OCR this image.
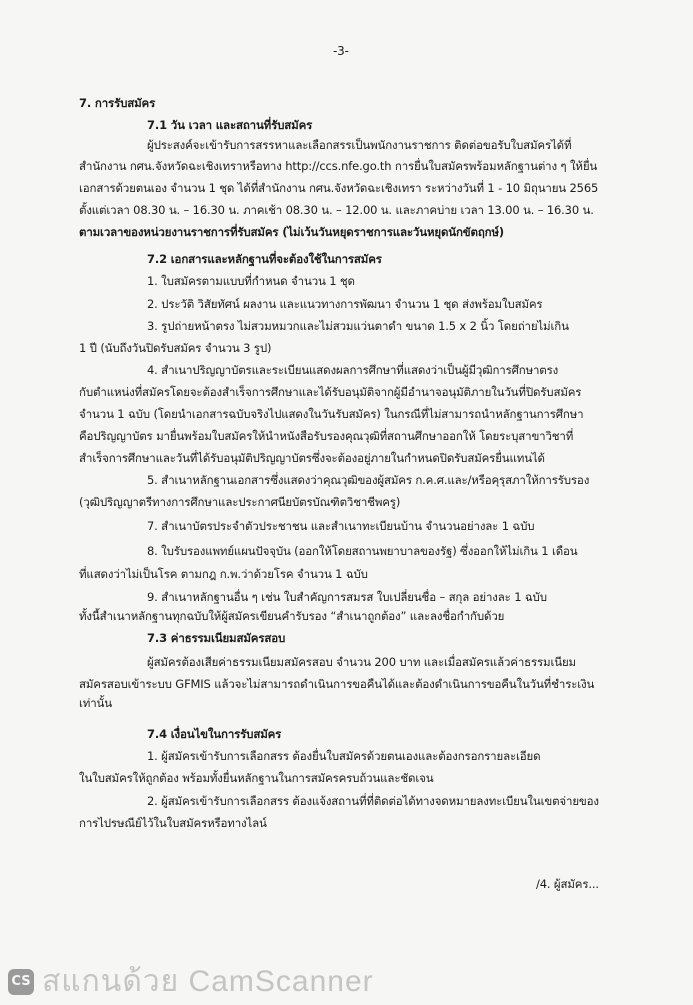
-3-
7. การรับสมัคร
7.1 วัน เวลา และสถานที่รับสมัคร
ผู้ประสงค์จะเข้ารับการสรรหาและเลือกสรรเป็นพนักงานราชการ ติดต่อขอรับใบสมัครได้ที่
สำนักงาน กศน.จังหวัดฉะเชิงเทราหรือทาง http://ccs.nfe.go.th การยื่นใบสมัครพร้อมหลักฐานต่าง ๆ ให้ยื่น
เอกสารด้วยตนเอง จำนวน 1 ชุด ได้ที่สำนักงาน กศน.จังหวัดฉะเชิงเทรา ระหว่างวันที่ 1 - 10 มิถุนายน 2565
ตั้งแต่เวลา 08.30 น. – 16.30 น. ภาคเช้า 08.30 น. – 12.00 น. และภาคบ่าย เวลา 13.00 น. – 16.30 น.
ตามเวลาของหน่วยงานราชการที่รับสมัคร (ไม่เว้นวันหยุดราชการและวันหยุดนักขัตฤกษ์)
7.2 เอกสารและหลักฐานที่จะต้องใช้ในการสมัคร
1. ใบสมัครตามแบบที่กำหนด จำนวน 1 ชุด
2. ประวัติ วิสัยทัศน์ ผลงาน และแนวทางการพัฒนา จำนวน 1 ชุด ส่งพร้อมใบสมัคร
3. รูปถ่ายหน้าตรง ไม่สวมหมวกและไม่สวมแว่นตาดำ ขนาด 1.5 x 2 นิ้ว โดยถ่ายไม่เกิน
1 ปี (นับถึงวันปิดรับสมัคร จำนวน 3 รูป)
4. สำเนาปริญญาบัตรและระเบียนแสดงผลการศึกษาที่แสดงว่าเป็นผู้มีวุฒิการศึกษาตรง
กับตำแหน่งที่สมัครโดยจะต้องสำเร็จการศึกษาและได้รับอนุมัติจากผู้มีอำนาจอนุมัติภายในวันที่ปิดรับสมัคร
จำนวน 1 ฉบับ (โดยนำเอกสารฉบับจริงไปแสดงในวันรับสมัคร) ในกรณีที่ไม่สามารถนำหลักฐานการศึกษา
คือปริญญาบัตร มายื่นพร้อมใบสมัครให้นำหนังสือรับรองคุณวุฒิที่สถานศึกษาออกให้ โดยระบุสาขาวิชาที่
สำเร็จการศึกษาและวันที่ได้รับอนุมัติปริญญาบัตรซึ่งจะต้องอยู่ภายในกำหนดปิดรับสมัครยื่นแทนได้
5. สำเนาหลักฐานเอกสารซึ่งแสดงว่าคุณวุฒิของผู้สมัคร ก.ค.ศ.และ/หรือคุรุสภาให้การรับรอง
(วุฒิปริญญาตรีทางการศึกษาและประกาศนียบัตรบัณฑิตวิชาชีพครู)
7. สำเนาบัตรประจำตัวประชาชน และสำเนาทะเบียนบ้าน จำนวนอย่างละ 1 ฉบับ
8. ใบรับรองแพทย์แผนปัจจุบัน (ออกให้โดยสถานพยาบาลของรัฐ) ซึ่งออกให้ไม่เกิน 1 เดือน
ที่แสดงว่าไม่เป็นโรค ตามกฎ ก.พ.ว่าด้วยโรค จำนวน 1 ฉบับ
9. สำเนาหลักฐานอื่น ๆ เช่น ใบสำคัญการสมรส ใบเปลี่ยนชื่อ – สกุล อย่างละ 1 ฉบับ
ทั้งนี้สำเนาหลักฐานทุกฉบับให้ผู้สมัครเขียนคำรับรอง “สำเนาถูกต้อง” และลงชื่อกำกับด้วย
7.3 ค่าธรรมเนียมสมัครสอบ
ผู้สมัครต้องเสียค่าธรรมเนียมสมัครสอบ จำนวน 200 บาท และเมื่อสมัครแล้วค่าธรรมเนียม
สมัครสอบเข้าระบบ GFMIS แล้วจะไม่สามารถดำเนินการขอคืนได้และต้องดำเนินการขอคืนในวันที่ชำระเงิน
เท่านั้น
7.4 เงื่อนไขในการรับสมัคร
1. ผู้สมัครเข้ารับการเลือกสรร ต้องยื่นใบสมัครด้วยตนเองและต้องกรอกรายละเอียด
ในใบสมัครให้ถูกต้อง พร้อมทั้งยื่นหลักฐานในการสมัครครบถ้วนและชัดเจน
2. ผู้สมัครเข้ารับการเลือกสรร ต้องแจ้งสถานที่ที่ติดต่อได้ทางจดหมายลงทะเบียนในเขตจ่ายของ
การไปรษณีย์ไว้ในใบสมัครหรือทางไลน์
/4. ผู้สมัคร...
CS สแกนด้วย CamScanner
